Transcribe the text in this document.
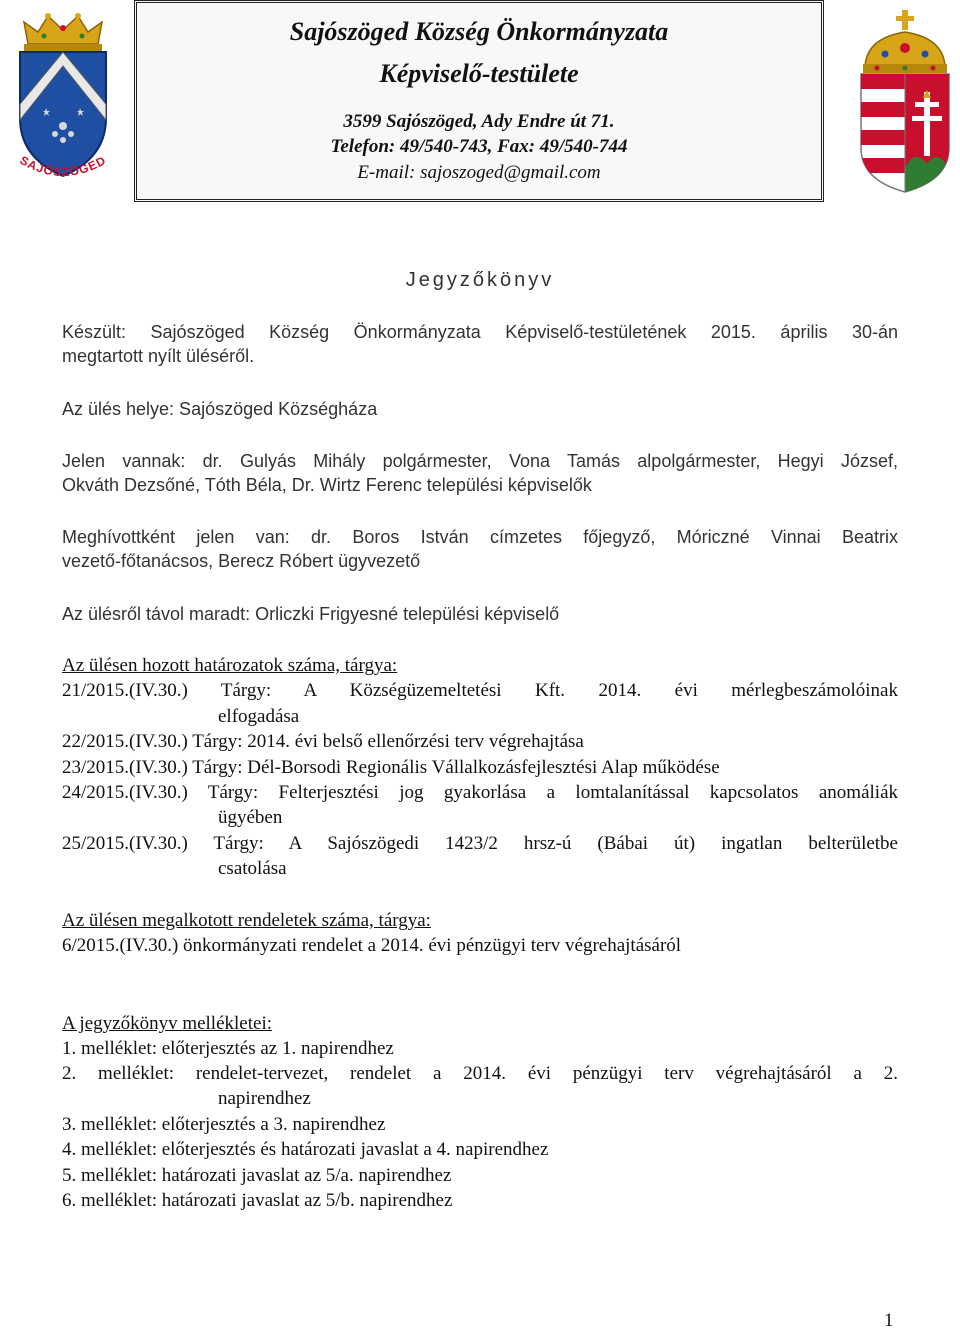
SAJÓSZÖGED
Sajószöged Község Önkormányzata
Képviselő-testülete
3599 Sajószöged, Ady Endre út 71.
Telefon: 49/540-743, Fax: 49/540-744
E-mail: sajoszoged@gmail.com
Jegyzőkönyv
Készült: Sajószöged Község Önkormányzata Képviselő-testületének 2015. április 30-án
megtartott nyílt üléséről.
Az ülés helye: Sajószöged Községháza
Jelen vannak: dr. Gulyás Mihály polgármester, Vona Tamás alpolgármester, Hegyi József,
Okváth Dezsőné, Tóth Béla, Dr. Wirtz Ferenc települési képviselők
Meghívottként jelen van: dr. Boros István címzetes főjegyző, Móriczné Vinnai Beatrix
vezető-főtanácsos, Berecz Róbert ügyvezető
Az ülésről távol maradt: Orliczki Frigyesné települési képviselő
Az ülésen hozott határozatok száma, tárgya:
21/2015.(IV.30.) Tárgy: A Községüzemeltetési Kft. 2014. évi mérlegbeszámolóinak
elfogadása
22/2015.(IV.30.) Tárgy: 2014. évi belső ellenőrzési terv végrehajtása
23/2015.(IV.30.) Tárgy: Dél-Borsodi Regionális Vállalkozásfejlesztési Alap működése
24/2015.(IV.30.) Tárgy: Felterjesztési jog gyakorlása a lomtalanítással kapcsolatos anomáliák
ügyében
25/2015.(IV.30.) Tárgy: A Sajószögedi 1423/2 hrsz-ú (Bábai út) ingatlan belterületbe
csatolása
Az ülésen megalkotott rendeletek száma, tárgya:
6/2015.(IV.30.) önkormányzati rendelet a 2014. évi pénzügyi terv végrehajtásáról
A jegyzőkönyv mellékletei:
1. melléklet: előterjesztés az 1. napirendhez
2. melléklet: rendelet-tervezet, rendelet a 2014. évi pénzügyi terv végrehajtásáról a 2.
napirendhez
3. melléklet: előterjesztés a 3. napirendhez
4. melléklet: előterjesztés és határozati javaslat a 4. napirendhez
5. melléklet: határozati javaslat az 5/a. napirendhez
6. melléklet: határozati javaslat az 5/b. napirendhez
1
